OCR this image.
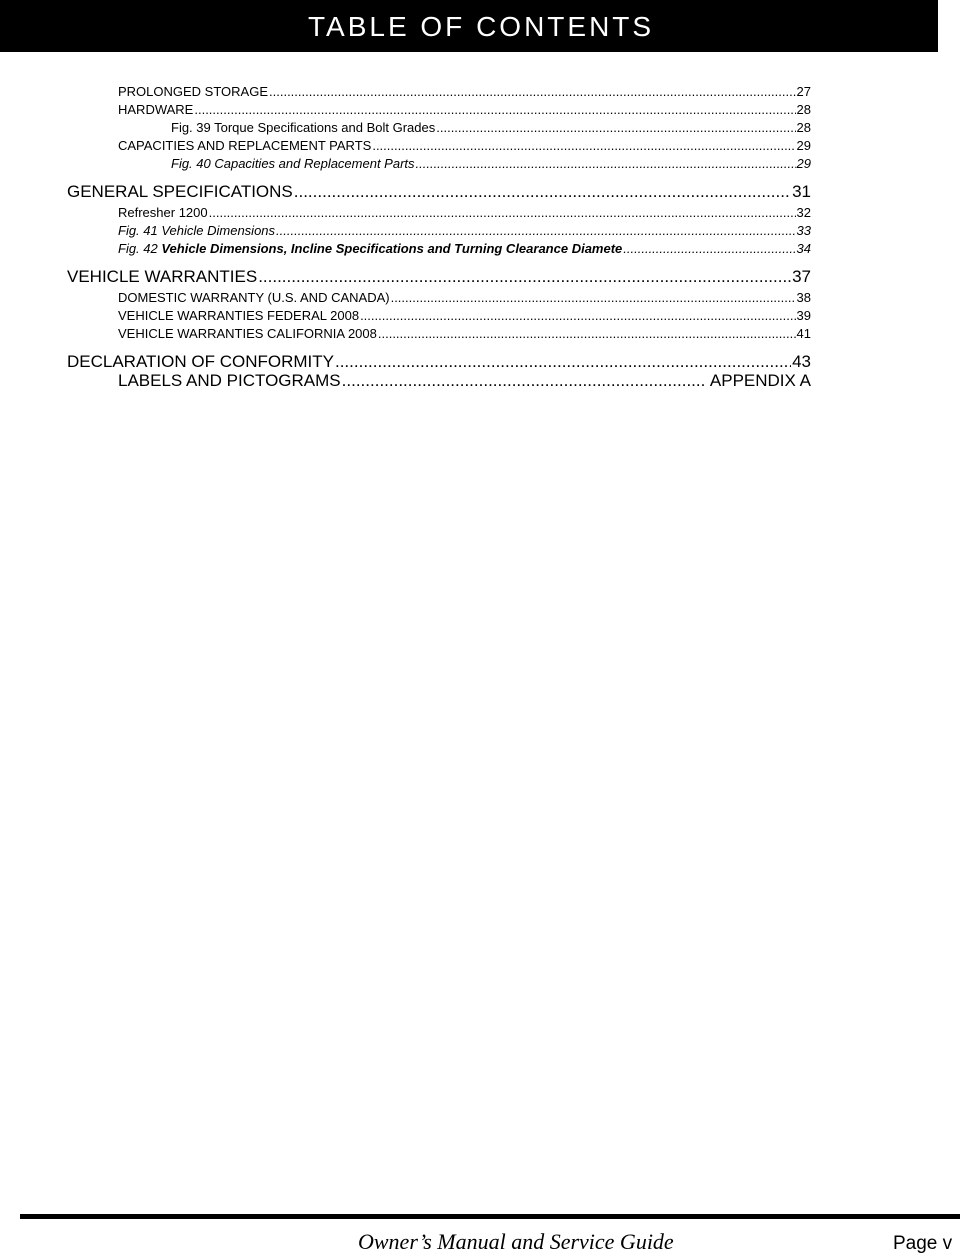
TABLE OF CONTENTS
PROLONGED STORAGE .....	27
HARDWARE .....	28
Fig. 39 Torque Specifications and Bolt Grades .....	28
CAPACITIES AND REPLACEMENT PARTS .....	29
Fig. 40 Capacities and Replacement Parts .....	29
GENERAL SPECIFICATIONS .....	31
Refresher 1200 .....	32
Fig. 41 Vehicle Dimensions .....	33
Fig. 42 Vehicle Dimensions, Incline Specifications and Turning Clearance Diamete .....	34
VEHICLE WARRANTIES .....	37
DOMESTIC WARRANTY (U.S. AND CANADA) .....	38
VEHICLE WARRANTIES FEDERAL 2008 .....	39
VEHICLE WARRANTIES CALIFORNIA 2008 .....	41
DECLARATION OF CONFORMITY .....	43
LABELS AND PICTOGRAMS .....	APPENDIX A
Owner’s Manual and Service Guide	Page v
